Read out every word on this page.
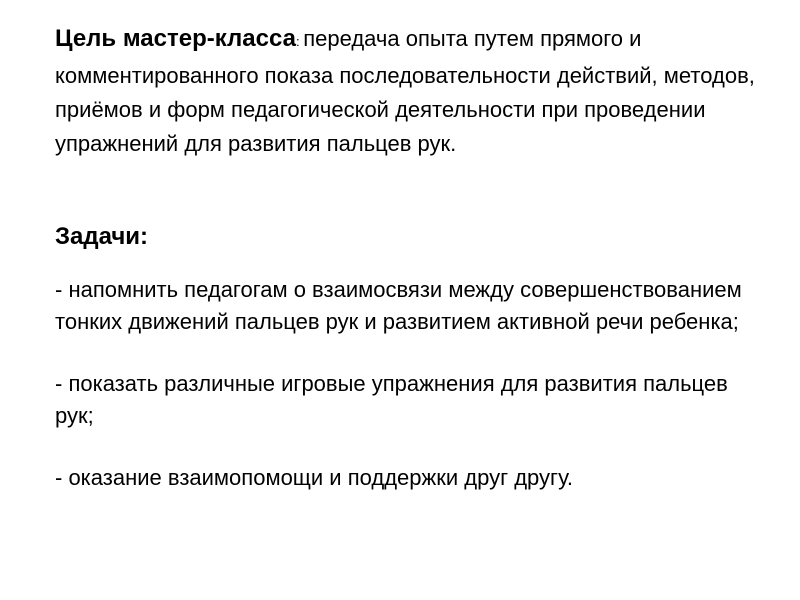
Цель мастер-класса: передача опыта путем прямого и комментированного показа последовательности действий, методов, приёмов и форм педагогической деятельности при проведении упражнений для развития пальцев рук.

Задачи:
- напомнить педагогам о взаимосвязи между совершенствованием тонких движений пальцев рук и развитием активной речи ребенка;
- показать различные игровые упражнения для развития пальцев рук;
- оказание взаимопомощи и поддержки друг другу.
